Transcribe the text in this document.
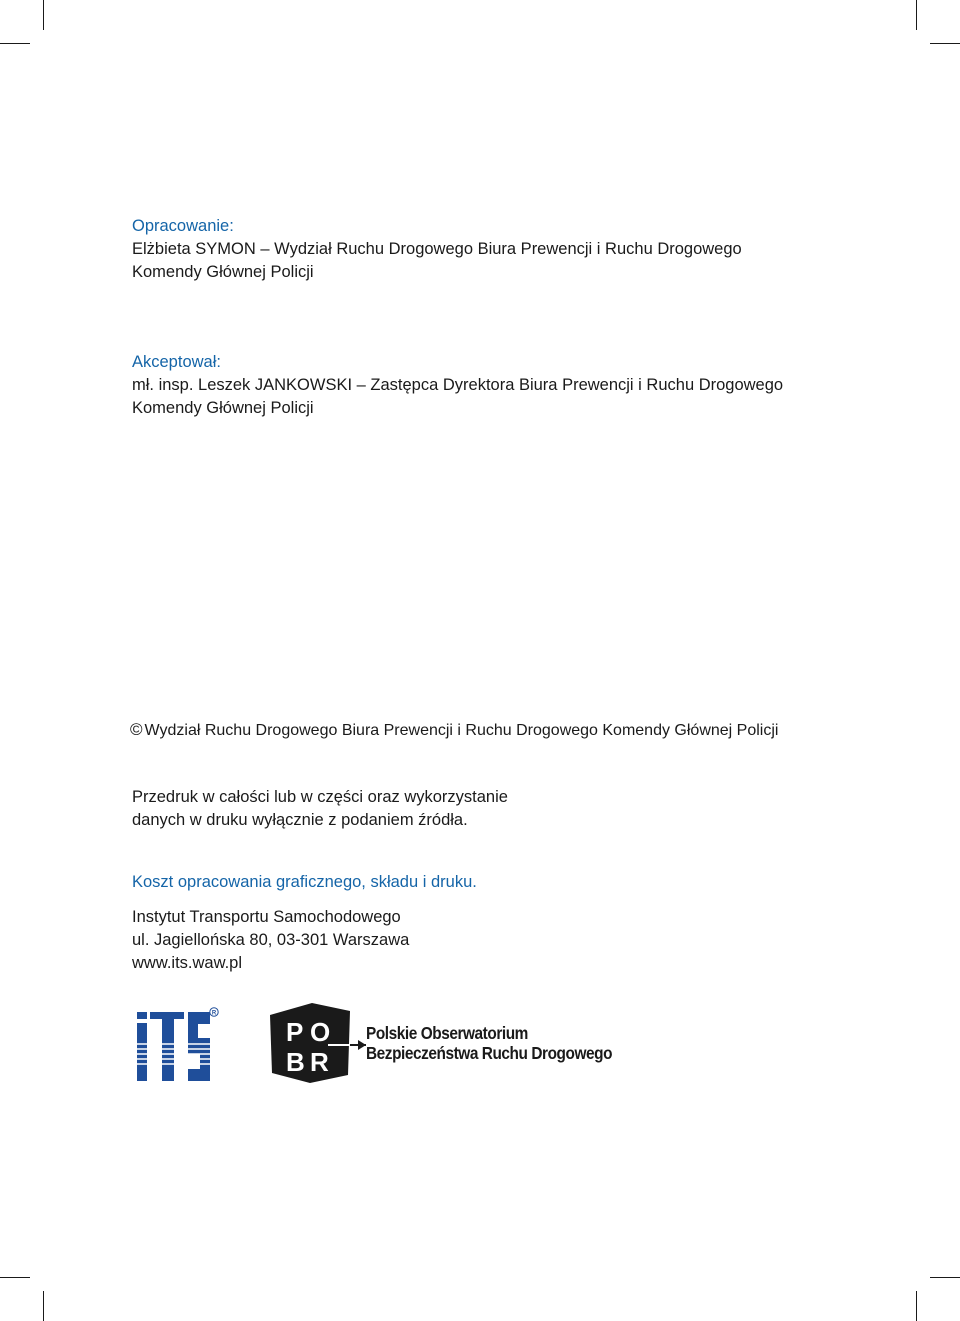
Opracowanie:
Elżbieta SYMON – Wydział Ruchu Drogowego Biura Prewencji i Ruchu Drogowego
Komendy Głównej Policji
Akceptował:
mł. insp. Leszek JANKOWSKI – Zastępca Dyrektora Biura Prewencji i Ruchu Drogowego
Komendy Głównej Policji
© Wydział Ruchu Drogowego Biura Prewencji i Ruchu Drogowego Komendy Głównej Policji
Przedruk w całości lub w części oraz wykorzystanie
danych w druku wyłącznie z podaniem źródła.
Koszt opracowania graficznego, składu i druku.
Instytut Transportu Samochodowego
ul. Jagiellońska 80, 03-301 Warszawa
www.its.waw.pl
R
P O
B R
Polskie Obserwatorium
Bezpieczeństwa Ruchu Drogowego
